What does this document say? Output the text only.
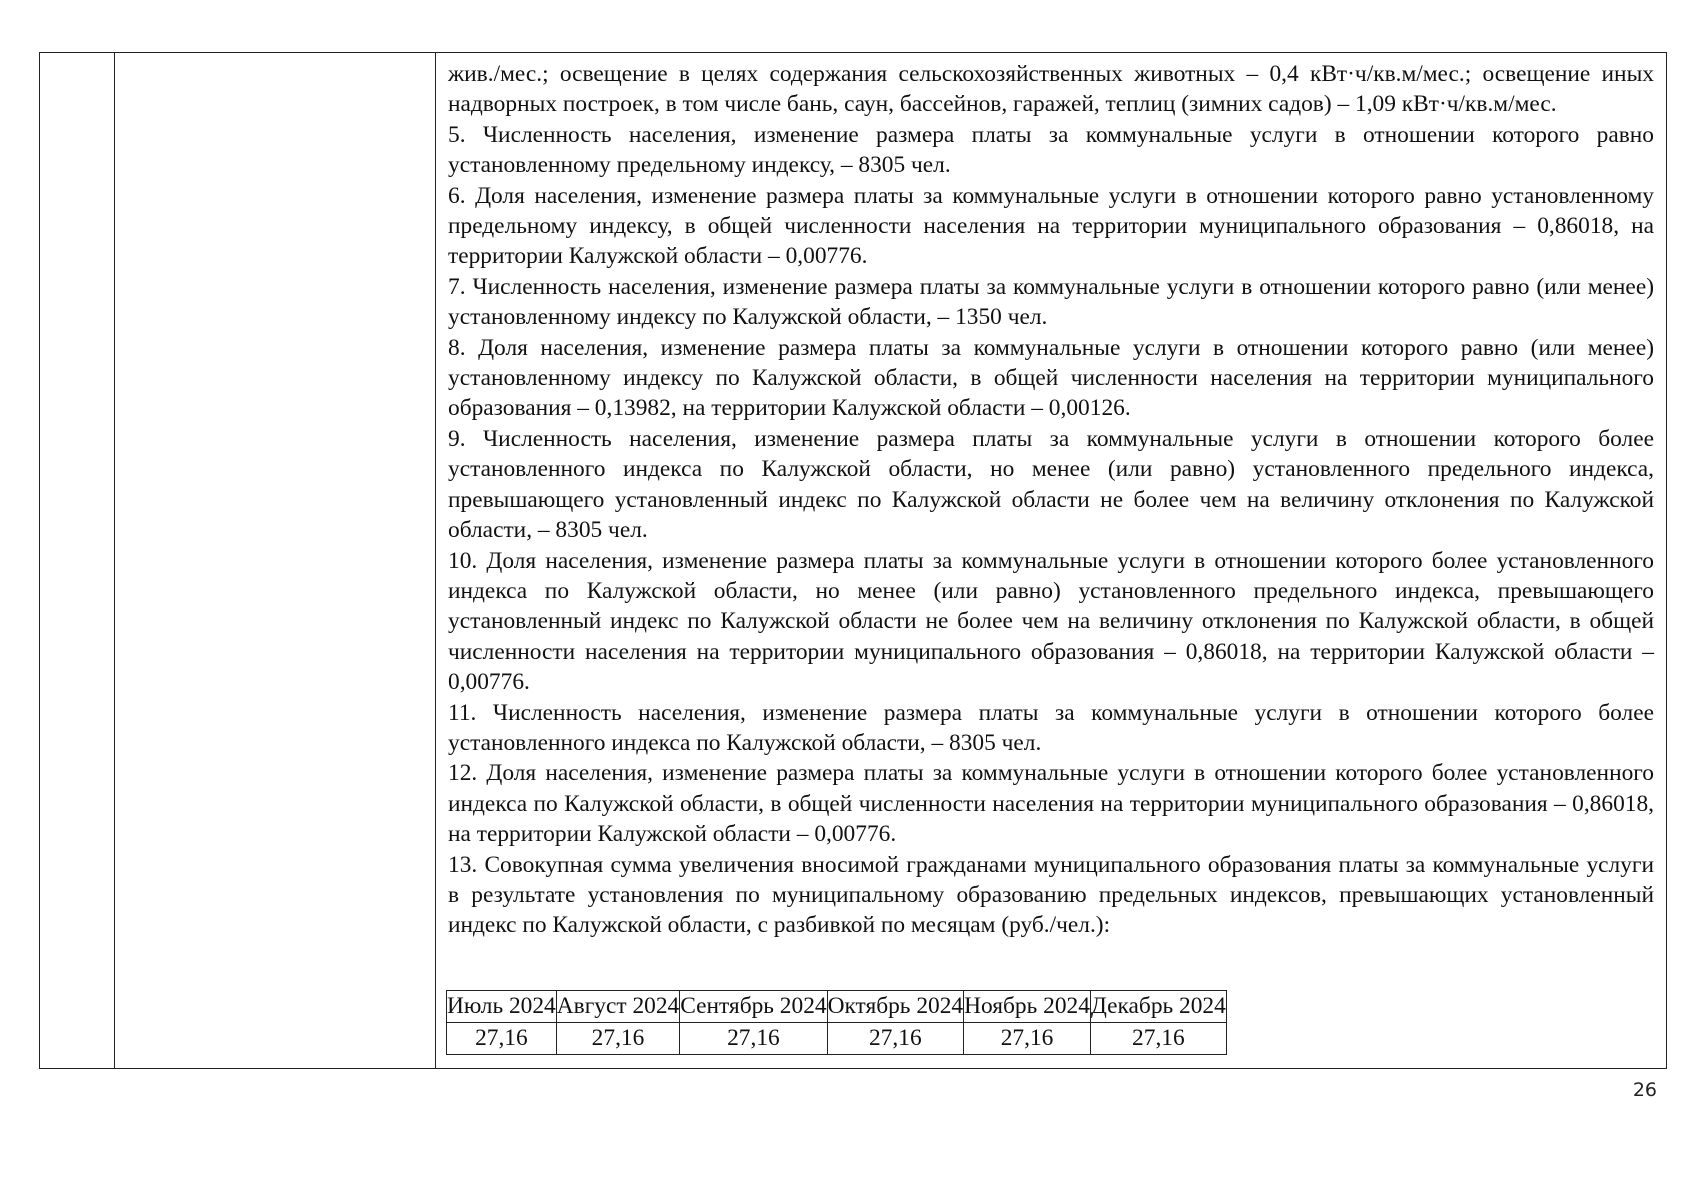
жив./мес.; освещение в целях содержания сельскохозяйственных животных – 0,4 кВт·ч/кв.м/мес.; освещение иных надворных построек, в том числе бань, саун, бассейнов, гаражей, теплиц (зимних садов) – 1,09 кВт·ч/кв.м/мес.

5. Численность населения, изменение размера платы за коммунальные услуги в отношении которого равно установленному предельному индексу, – 8305 чел.

6. Доля населения, изменение размера платы за коммунальные услуги в отношении которого равно установленному предельному индексу, в общей численности населения на территории муниципального образования – 0,86018, на территории Калужской области – 0,00776.

7. Численность населения, изменение размера платы за коммунальные услуги в отношении которого равно (или менее) установленному индексу по Калужской области, – 1350 чел.

8. Доля населения, изменение размера платы за коммунальные услуги в отношении которого равно (или менее) установленному индексу по Калужской области, в общей численности населения на территории муниципального образования – 0,13982, на территории Калужской области – 0,00126.

9. Численность населения, изменение размера платы за коммунальные услуги в отношении которого более установленного индекса по Калужской области, но менее (или равно) установленного предельного индекса, превышающего установленный индекс по Калужской области не более чем на величину отклонения по Калужской области, – 8305 чел.

10. Доля населения, изменение размера платы за коммунальные услуги в отношении которого более установленного индекса по Калужской области, но менее (или равно) установленного предельного индекса, превышающего установленный индекс по Калужской области не более чем на величину отклонения по Калужской области, в общей численности населения на территории муниципального образования – 0,86018, на территории Калужской области – 0,00776.

11. Численность населения, изменение размера платы за коммунальные услуги в отношении которого более установленного индекса по Калужской области, – 8305 чел.

12. Доля населения, изменение размера платы за коммунальные услуги в отношении которого более установленного индекса по Калужской области, в общей численности населения на территории муниципального образования – 0,86018, на территории Калужской области – 0,00776.

13. Совокупная сумма увеличения вносимой гражданами муниципального образования платы за коммунальные услуги в результате установления по муниципальному образованию предельных индексов, превышающих установленный индекс по Калужской области, с разбивкой по месяцам (руб./чел.):

Июль 2024	Август 2024	Сентябрь 2024	Октябрь 2024	Ноябрь 2024	Декабрь 2024
27,16	27,16	27,16	27,16	27,16	27,16
26
